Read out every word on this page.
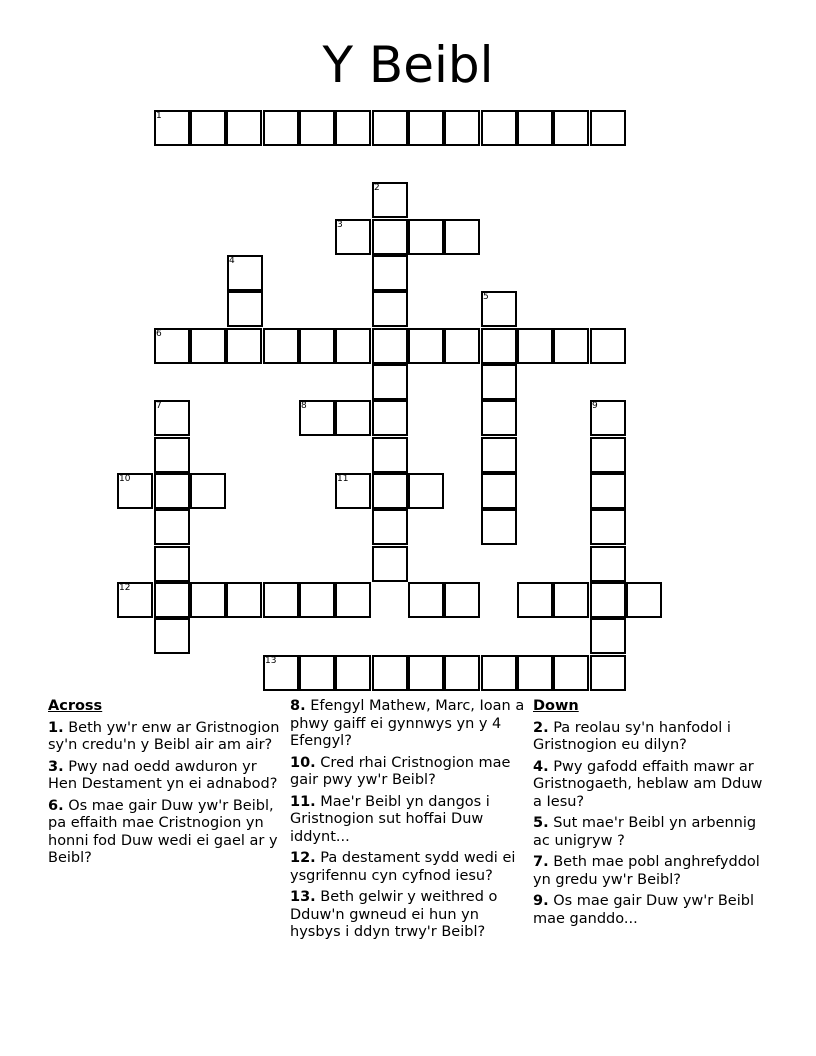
Y Beibl
1
2
3
4
5
6
7	8	9
10	11
12
13
Across
1. Beth yw'r enw ar Gristnogion sy'n credu'n y Beibl air am air?
3. Pwy nad oedd awduron yr Hen Destament yn ei adnabod?
6. Os mae gair Duw yw'r Beibl, pa effaith mae Cristnogion yn honni fod Duw wedi ei gael ar y Beibl?
8. Efengyl Mathew, Marc, Ioan a phwy gaiff ei gynnwys yn y 4 Efengyl?
10. Cred rhai Cristnogion mae gair pwy yw'r Beibl?
11. Mae'r Beibl yn dangos i Gristnogion sut hoffai Duw iddynt...
12. Pa destament sydd wedi ei ysgrifennu cyn cyfnod iesu?
13. Beth gelwir y weithred o Dduw'n gwneud ei hun yn hysbys i ddyn trwy'r Beibl?
Down
2. Pa reolau sy'n hanfodol i Gristnogion eu dilyn?
4. Pwy gafodd effaith mawr ar Gristnogaeth, heblaw am Dduw a Iesu?
5. Sut mae'r Beibl yn arbennig ac unigryw ?
7. Beth mae pobl anghrefyddol yn gredu yw'r Beibl?
9. Os mae gair Duw yw'r Beibl mae ganddo...
